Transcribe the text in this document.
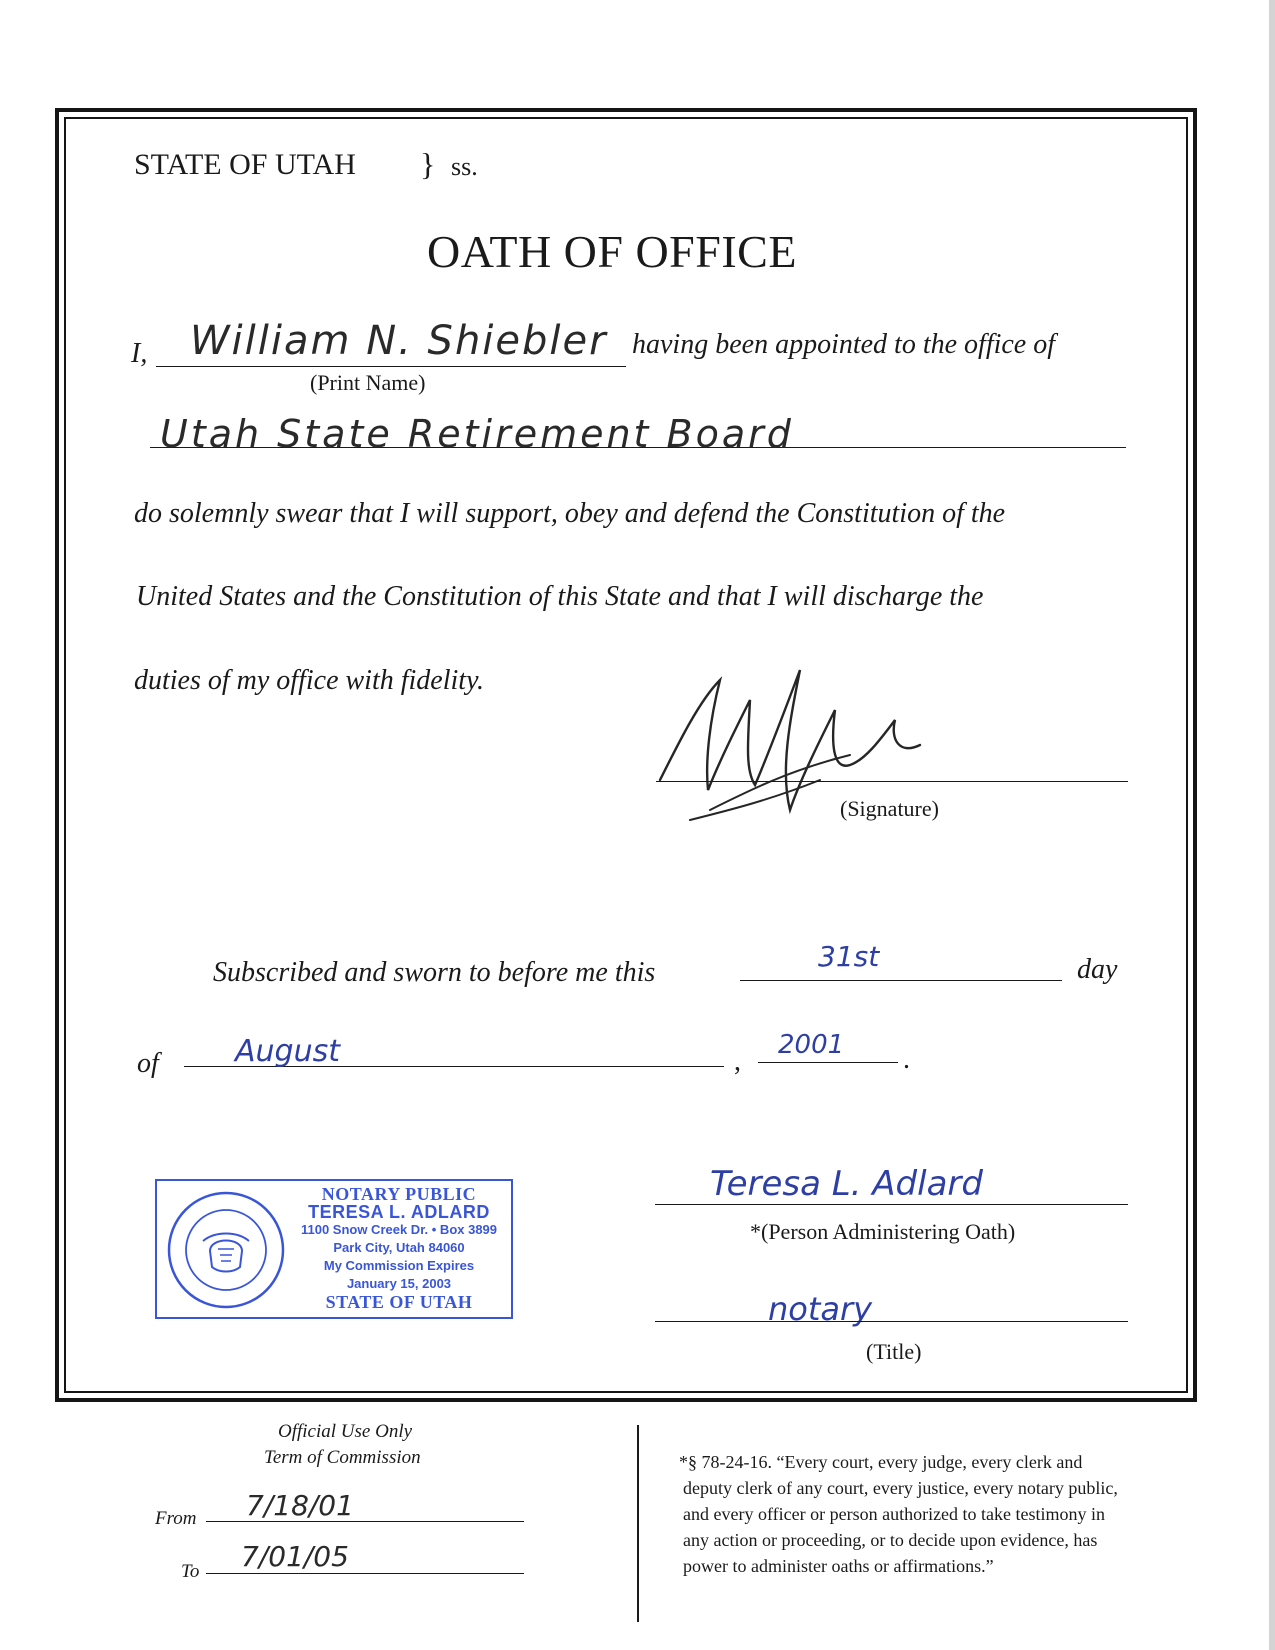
STATE OF UTAH } ss.
OATH OF OFFICE
I, William N. Shiebler
(Print Name)
having been appointed to the office of
Utah State Retirement Board
do solemnly swear that I will support, obey and defend the Constitution of the
United States and the Constitution of this State and that I will discharge the
duties of my office with fidelity.
(Signature)
Subscribed and sworn to before me this	31st	day
of	August	,
2001 .
NOTARY PUBLIC
TERESA L. ADLARD
1100 Snow Creek Dr. • Box 3899
Park City, Utah 84060
My Commission Expires
January 15, 2003
STATE OF UTAH
Teresa L. Adlard
*(Person Administering Oath)
notary
(Title)
Official Use Only
Term of Commission
From 7/18/01
To 7/01/05
*§ 78-24-16. “Every court, every judge, every clerk and
deputy clerk of any court, every justice, every notary public,
and every officer or person authorized to take testimony in
any action or proceeding, or to decide upon evidence, has
power to administer oaths or affirmations.”
